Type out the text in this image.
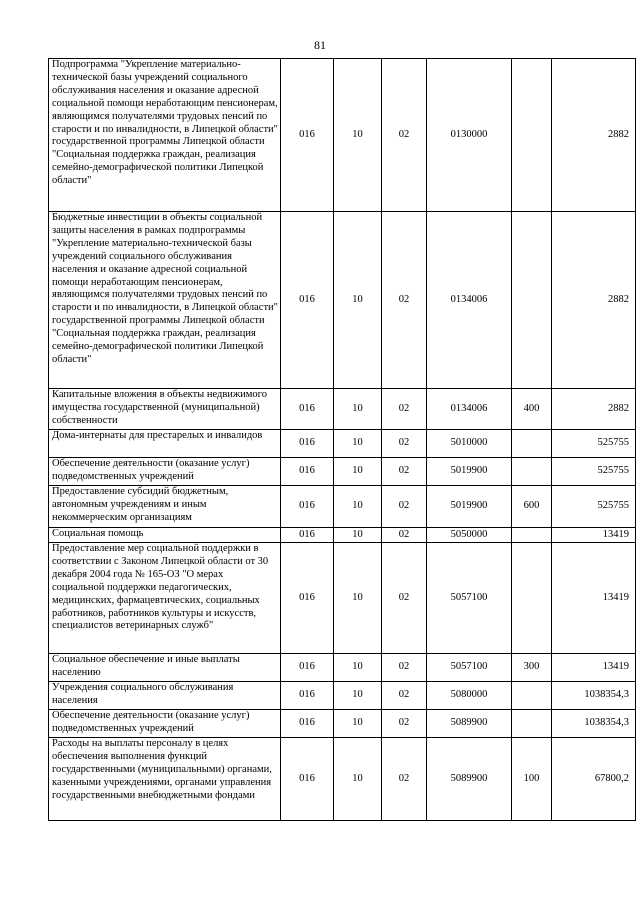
81
Подпрограмма "Укрепление материально-технической базы учреждений социального обслуживания населения и оказание адресной социальной помощи неработающим пенсионерам, являющимся получателями трудовых пенсий по старости и по инвалидности, в Липецкой области" государственной программы Липецкой области "Социальная поддержка граждан, реализация семейно-демографической политики Липецкой области"	016	10	02	0130000		2882
Бюджетные инвестиции в объекты социальной защиты населения в рамках подпрограммы "Укрепление материально-технической базы учреждений социального обслуживания населения и оказание адресной социальной помощи неработающим пенсионерам, являющимся получателями трудовых пенсий по старости и по инвалидности, в Липецкой области" государственной программы Липецкой области "Социальная поддержка граждан, реализация семейно-демографической политики Липецкой области"	016	10	02	0134006		2882
Капитальные вложения в объекты недвижимого имущества государственной (муниципальной) собственности	016	10	02	0134006	400	2882
Дома-интернаты для престарелых и инвалидов	016	10	02	5010000		525755
Обеспечение деятельности (оказание услуг) подведомственных учреждений	016	10	02	5019900		525755
Предоставление субсидий бюджетным, автономным учреждениям и иным некоммерческим организациям	016	10	02	5019900	600	525755
Социальная помощь	016	10	02	5050000		13419
Предоставление мер социальной поддержки в соответствии с Законом Липецкой области от 30 декабря 2004 года № 165-ОЗ "О мерах социальной поддержки педагогических, медицинских, фармацевтических, социальных работников, работников культуры и искусств, специалистов ветеринарных служб"	016	10	02	5057100		13419
Социальное обеспечение и иные выплаты населению	016	10	02	5057100	300	13419
Учреждения социального обслуживания населения	016	10	02	5080000		1038354,3
Обеспечение деятельности (оказание услуг) подведомственных учреждений	016	10	02	5089900		1038354,3
Расходы на выплаты персоналу в целях обеспечения выполнения функций государственными (муниципальными) органами, казенными учреждениями, органами управления государственными внебюджетными фондами	016	10	02	5089900	100	67800,2
